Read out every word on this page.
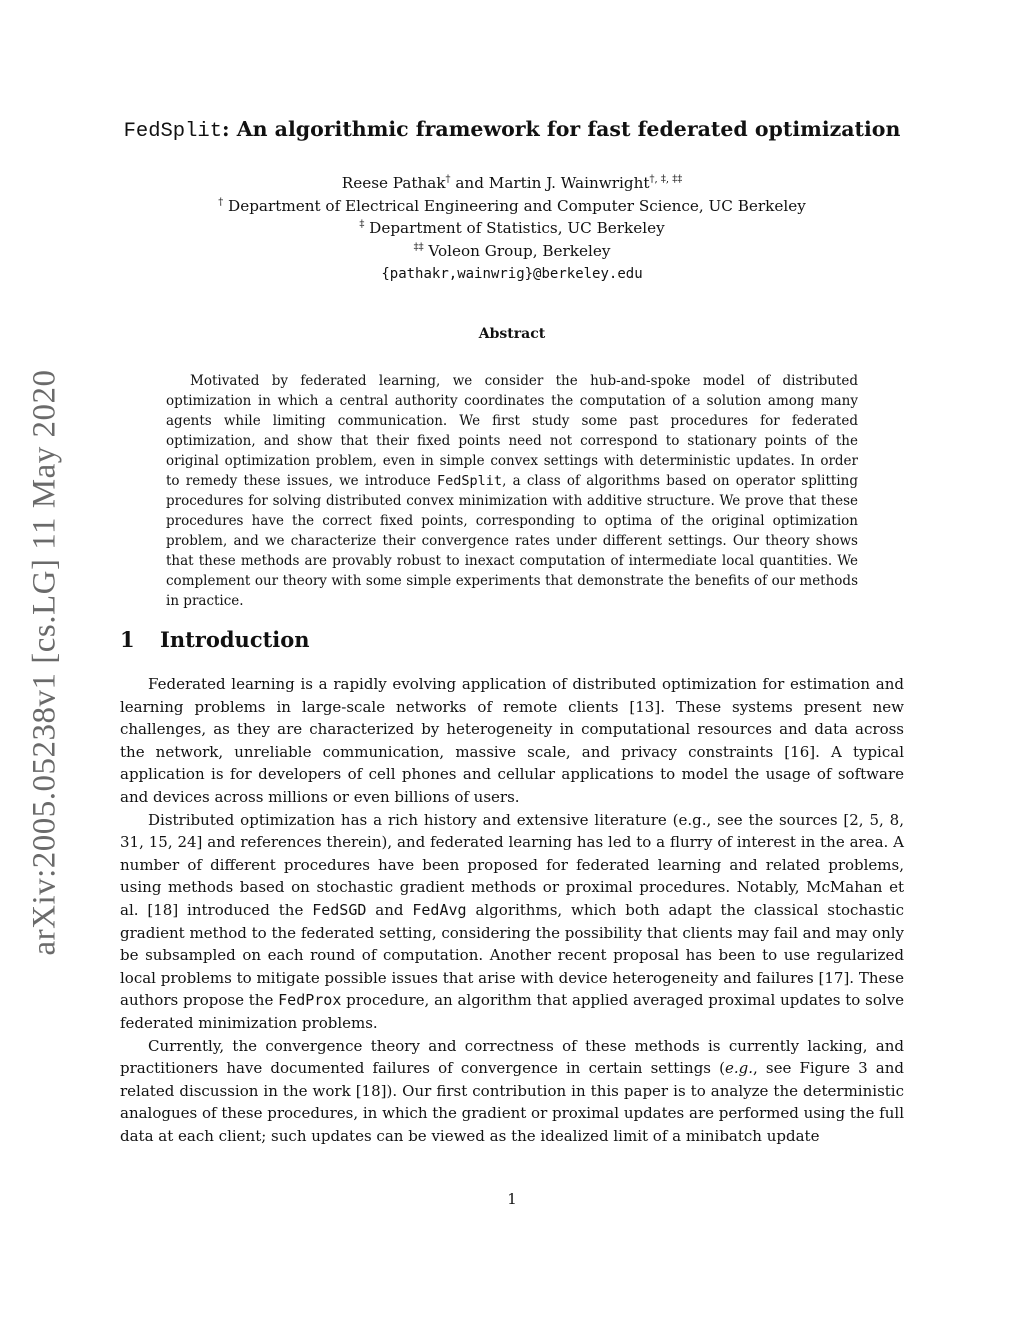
arXiv:2005.05238v1 [cs.LG] 11 May 2020
FedSplit: An algorithmic framework for fast federated optimization
Reese Pathak† and Martin J. Wainwright†, ‡, ‡‡
† Department of Electrical Engineering and Computer Science, UC Berkeley
‡ Department of Statistics, UC Berkeley
‡‡ Voleon Group, Berkeley
{pathakr,wainwrig}@berkeley.edu
Abstract

Motivated by federated learning, we consider the hub-and-spoke model of distributed optimization in which a central authority coordinates the computation of a solution among many agents while limiting communication. We first study some past procedures for federated optimization, and show that their fixed points need not correspond to stationary points of the original optimization problem, even in simple convex settings with deterministic updates. In order to remedy these issues, we introduce FedSplit, a class of algorithms based on operator splitting procedures for solving distributed convex minimization with additive structure. We prove that these procedures have the correct fixed points, corresponding to optima of the original optimization problem, and we characterize their convergence rates under different settings. Our theory shows that these methods are provably robust to inexact computation of intermediate local quantities. We complement our theory with some simple experiments that demonstrate the benefits of our methods in practice.

1 Introduction

Federated learning is a rapidly evolving application of distributed optimization for estimation and learning problems in large-scale networks of remote clients [13]. These systems present new challenges, as they are characterized by heterogeneity in computational resources and data across the network, unreliable communication, massive scale, and privacy constraints [16]. A typical application is for developers of cell phones and cellular applications to model the usage of software and devices across millions or even billions of users.

Distributed optimization has a rich history and extensive literature (e.g., see the sources [2, 5, 8, 31, 15, 24] and references therein), and federated learning has led to a flurry of interest in the area. A number of different procedures have been proposed for federated learning and related problems, using methods based on stochastic gradient methods or proximal procedures. Notably, McMahan et al. [18] introduced the FedSGD and FedAvg algorithms, which both adapt the classical stochastic gradient method to the federated setting, considering the possibility that clients may fail and may only be subsampled on each round of computation. Another recent proposal has been to use regularized local problems to mitigate possible issues that arise with device heterogeneity and failures [17]. These authors propose the FedProx procedure, an algorithm that applied averaged proximal updates to solve federated minimization problems.

Currently, the convergence theory and correctness of these methods is currently lacking, and practitioners have documented failures of convergence in certain settings (e.g., see Figure 3 and related discussion in the work [18]). Our first contribution in this paper is to analyze the deterministic analogues of these procedures, in which the gradient or proximal updates are performed using the full data at each client; such updates can be viewed as the idealized limit of a minibatch update

1
